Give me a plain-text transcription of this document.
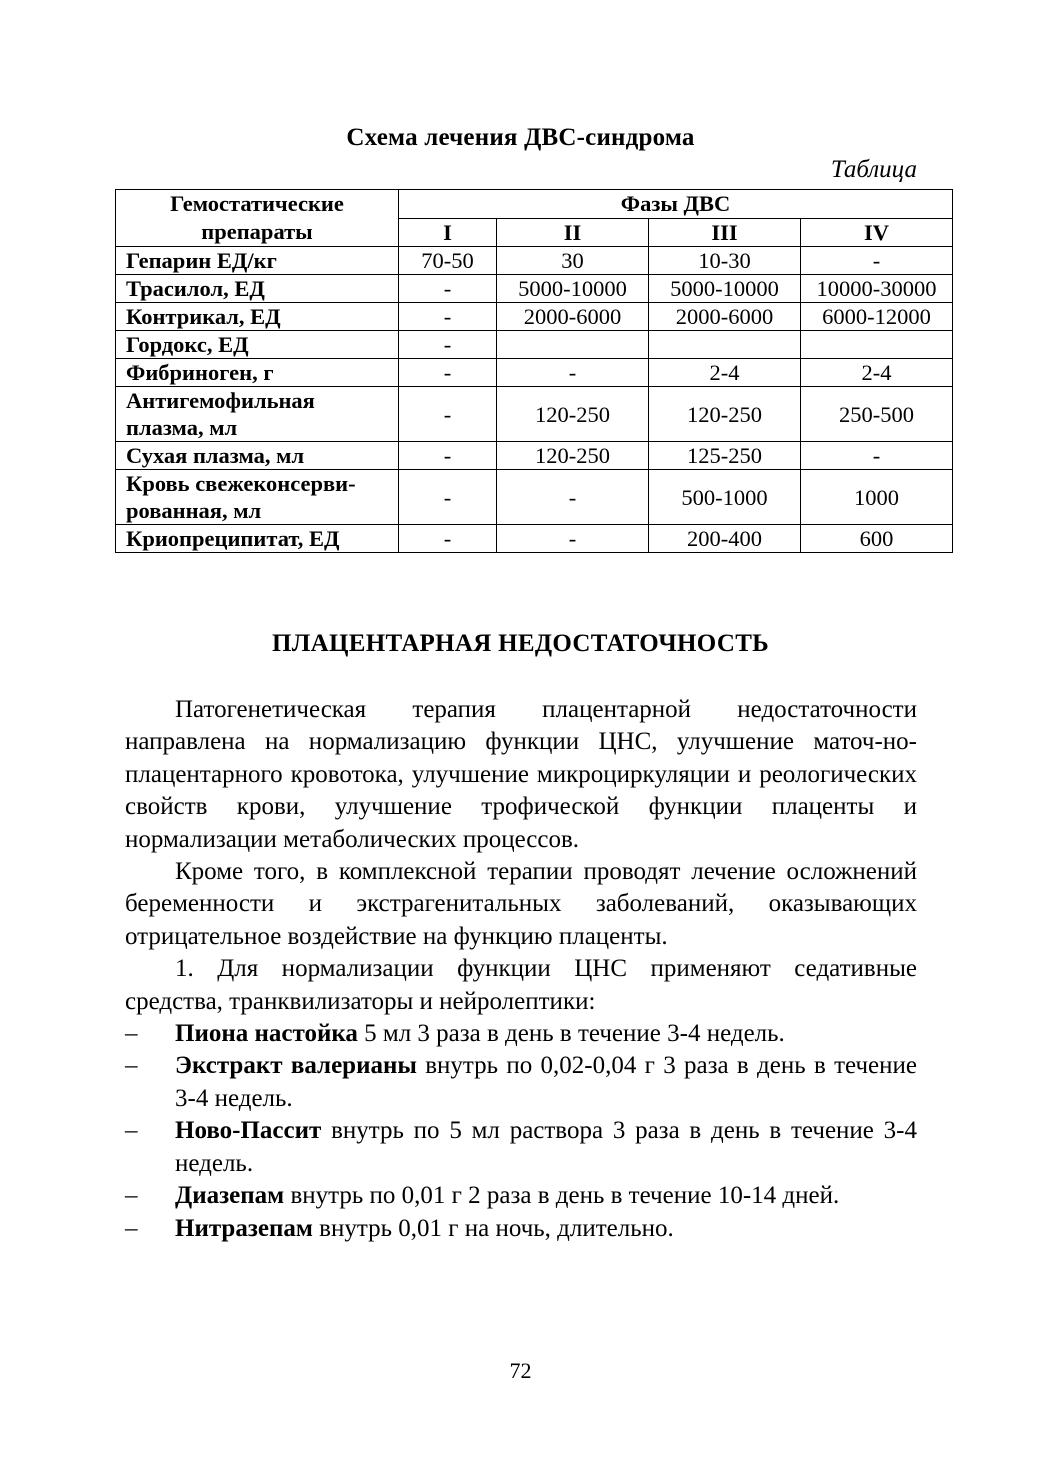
Схема лечения ДВС-синдрома
Таблица
Гемостатические препараты	Фазы ДВС			
	I	II	III	IV
Гепарин ЕД/кг	70-50	30	10-30	-
Трасилол, ЕД	-	5000-10000	5000-10000	10000-30000
Контрикал, ЕД	-	2000-6000	2000-6000	6000-12000
Гордокс, ЕД	-			
Фибриноген, г	-	-	2-4	2-4
Антигемофильная плазма, мл	-	120-250	120-250	250-500
Сухая плазма, мл	-	120-250	125-250	-
Кровь свежеконсерви-рованная, мл	-	-	500-1000	1000
Криопреципитат, ЕД	-	-	200-400	600
ПЛАЦЕНТАРНАЯ НЕДОСТАТОЧНОСТЬ

Патогенетическая терапия плацентарной недостаточности направлена на нормализацию функции ЦНС, улучшение маточ-но-плацентарного кровотока, улучшение микроциркуляции и реологических свойств крови, улучшение трофической функции плаценты и нормализации метаболических процессов.

Кроме того, в комплексной терапии проводят лечение осложнений беременности и экстрагенитальных заболеваний, оказывающих отрицательное воздействие на функцию плаценты.

1. Для нормализации функции ЦНС применяют седативные средства, транквилизаторы и нейролептики:

– Пиона настойка 5 мл 3 раза в день в течение 3-4 недель.
– Экстракт валерианы внутрь по 0,02-0,04 г 3 раза в день в течение 3-4 недель.
– Ново-Пассит внутрь по 5 мл раствора 3 раза в день в течение 3-4 недель.
– Диазепам внутрь по 0,01 г 2 раза в день в течение 10-14 дней.
– Нитразепам внутрь 0,01 г на ночь, длительно.
72
